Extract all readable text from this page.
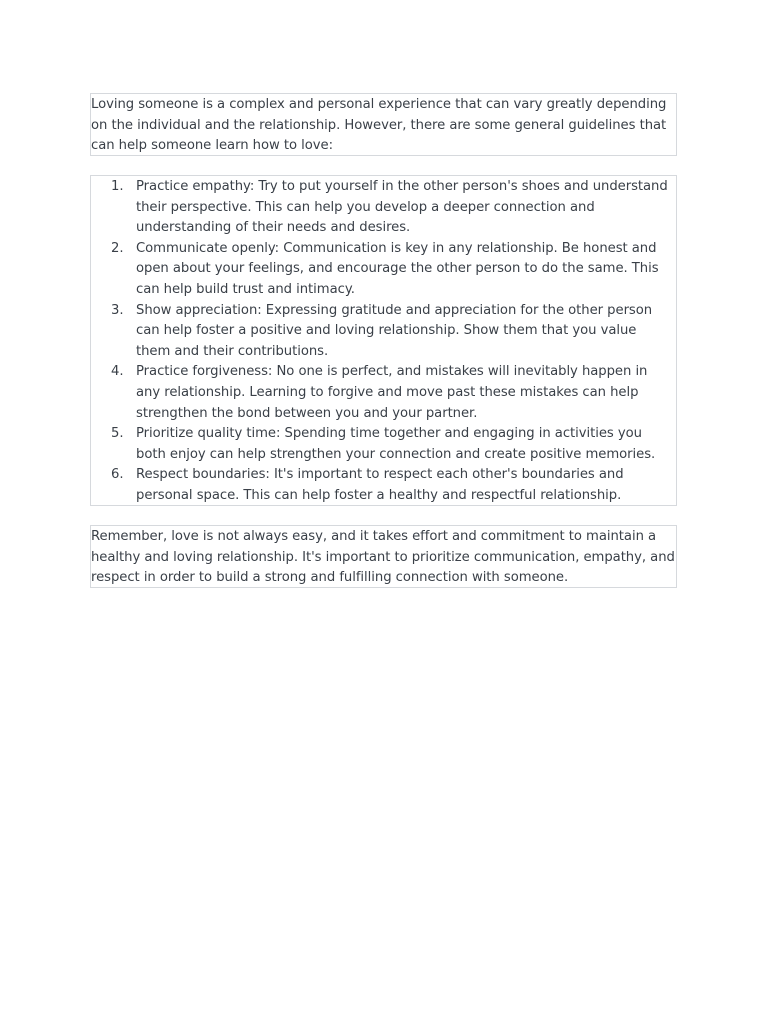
Loving someone is a complex and personal experience that can vary greatly depending on the individual and the relationship. However, there are some general guidelines that can help someone learn how to love:
1. Practice empathy: Try to put yourself in the other person's shoes and understand their perspective. This can help you develop a deeper connection and understanding of their needs and desires.
2. Communicate openly: Communication is key in any relationship. Be honest and open about your feelings, and encourage the other person to do the same. This can help build trust and intimacy.
3. Show appreciation: Expressing gratitude and appreciation for the other person can help foster a positive and loving relationship. Show them that you value them and their contributions.
4. Practice forgiveness: No one is perfect, and mistakes will inevitably happen in any relationship. Learning to forgive and move past these mistakes can help strengthen the bond between you and your partner.
5. Prioritize quality time: Spending time together and engaging in activities you both enjoy can help strengthen your connection and create positive memories.
6. Respect boundaries: It's important to respect each other's boundaries and personal space. This can help foster a healthy and respectful relationship.
Remember, love is not always easy, and it takes effort and commitment to maintain a healthy and loving relationship. It's important to prioritize communication, empathy, and respect in order to build a strong and fulfilling connection with someone.
